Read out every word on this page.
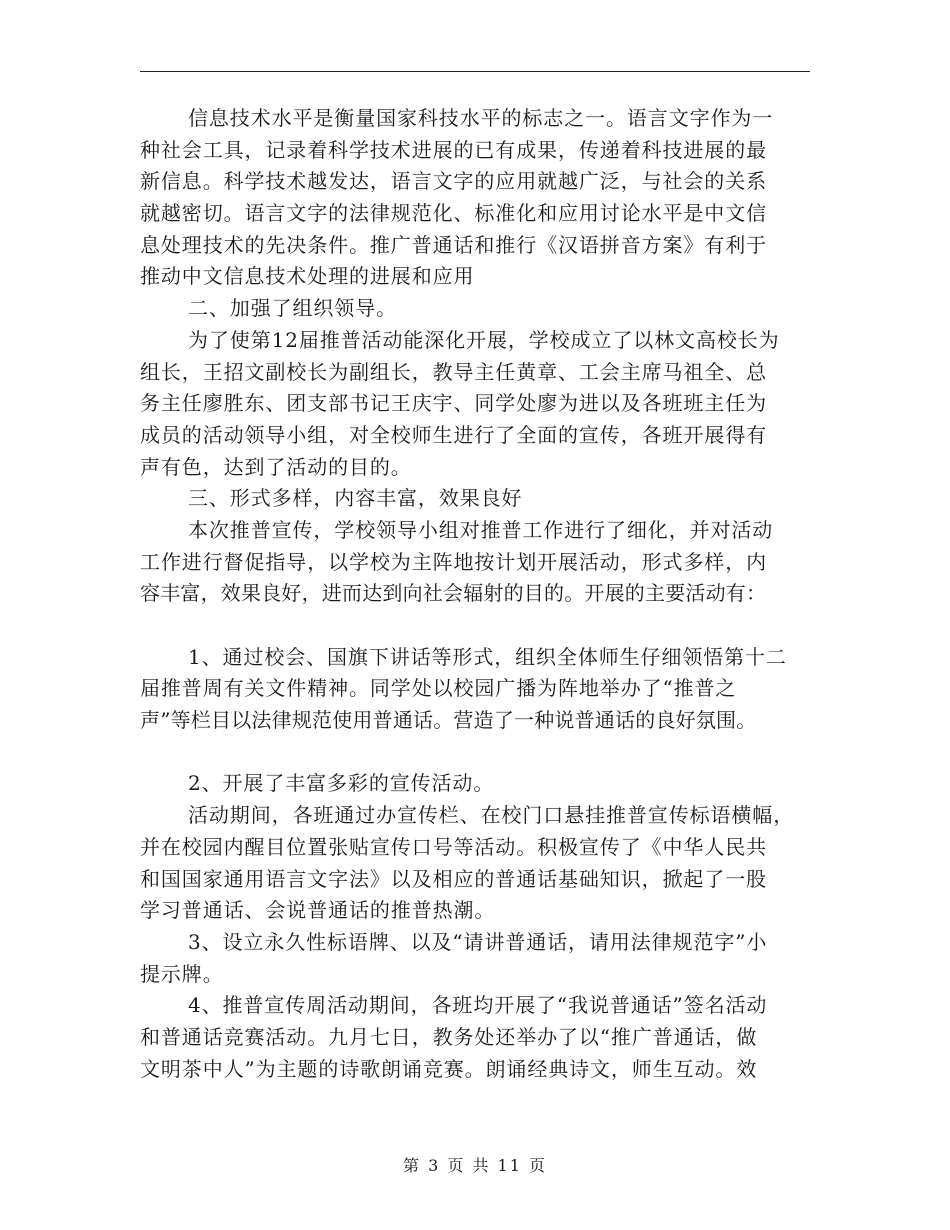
信息技术水平是衡量国家科技水平的标志之一。语言文字作为一
种社会工具，记录着科学技术进展的已有成果，传递着科技进展的最
新信息。科学技术越发达，语言文字的应用就越广泛，与社会的关系
就越密切。语言文字的法律规范化、标准化和应用讨论水平是中文信
息处理技术的先决条件。推广普通话和推行《汉语拼音方案》有利于
推动中文信息技术处理的进展和应用
二、加强了组织领导。
为了使第12届推普活动能深化开展，学校成立了以林文高校长为
组长，王招文副校长为副组长，教导主任黄章、工会主席马祖全、总
务主任廖胜东、团支部书记王庆宇、同学处廖为进以及各班班主任为
成员的活动领导小组，对全校师生进行了全面的宣传，各班开展得有
声有色，达到了活动的目的。
三、形式多样，内容丰富，效果良好
本次推普宣传，学校领导小组对推普工作进行了细化，并对活动
工作进行督促指导，以学校为主阵地按计划开展活动，形式多样，内
容丰富，效果良好，进而达到向社会辐射的目的。开展的主要活动有：
1、通过校会、国旗下讲话等形式，组织全体师生仔细领悟第十二
届推普周有关文件精神。同学处以校园广播为阵地举办了“推普之
声”等栏目以法律规范使用普通话。营造了一种说普通话的良好氛围。
2、开展了丰富多彩的宣传活动。
活动期间，各班通过办宣传栏、在校门口悬挂推普宣传标语横幅，
并在校园内醒目位置张贴宣传口号等活动。积极宣传了《中华人民共
和国国家通用语言文字法》以及相应的普通话基础知识，掀起了一股
学习普通话、会说普通话的推普热潮。
3、设立永久性标语牌、以及“请讲普通话，请用法律规范字”小
提示牌。
4、推普宣传周活动期间，各班均开展了“我说普通话”签名活动
和普通话竞赛活动。九月七日，教务处还举办了以“推广普通话，做
文明茶中人”为主题的诗歌朗诵竞赛。朗诵经典诗文，师生互动。效
第 3 页 共 11 页
